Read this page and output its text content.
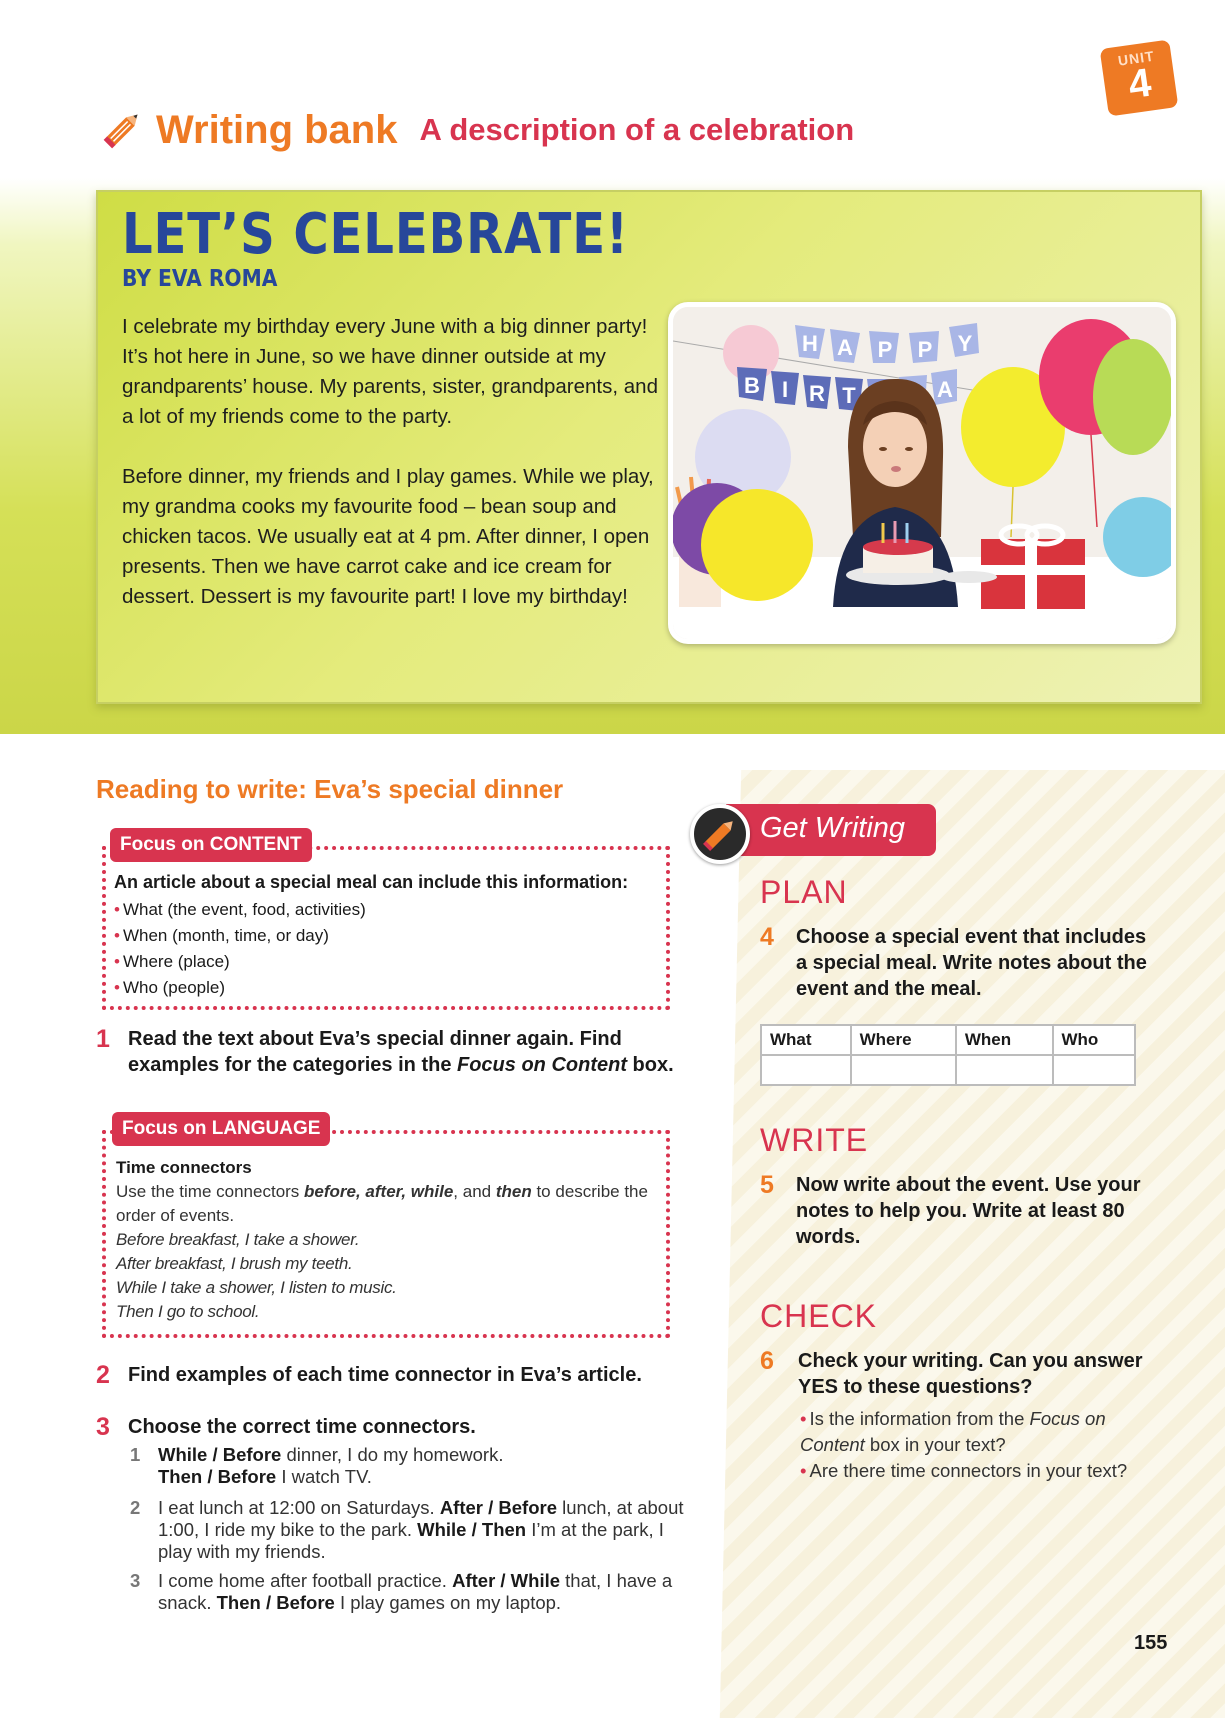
UNIT
4
Writing bank A description of a celebration
LET’S CELEBRATE!
BY EVA ROMA

I celebrate my birthday every June with a big dinner party! It’s hot here in June, so we have dinner outside at my grandparents’ house. My parents, sister, grandparents, and a lot of my friends come to the party.

Before dinner, my friends and I play games. While we play, my grandma cooks my favourite food – bean soup and chicken tacos. We usually eat at 4 pm. After dinner, I open presents. Then we have carrot cake and ice cream for dessert. Dessert is my favourite part! I love my birthday!

H A P P Y
B I R T	A
Reading to write: Eva’s special dinner
Focus on CONTENT
An article about a special meal can include this information:
• What (the event, food, activities)
• When (month, time, or day)
• Where (place)
• Who (people)
1 Read the text about Eva’s special dinner again. Find examples for the categories in the Focus on Content box.
Focus on LANGUAGE
Time connectors
Use the time connectors before, after, while, and then to describe the order of events.
Before breakfast, I take a shower.
After breakfast, I brush my teeth.
While I take a shower, I listen to music.
Then I go to school.
2 Find examples of each time connector in Eva’s article.
3 Choose the correct time connectors.
1 While / Before dinner, I do my homework.
Then / Before I watch TV.
2 I eat lunch at 12:00 on Saturdays. After / Before lunch, at about 1:00, I ride my bike to the park. While / Then I’m at the park, I play with my friends.
3 I come home after football practice. After / While that, I have a snack. Then / Before I play games on my laptop.
Get Writing
PLAN
4 Choose a special event that includes a special meal. Write notes about the event and the meal.
What	Where	When	Who

WRITE
5 Now write about the event. Use your notes to help you. Write at least 80 words.
CHECK
6 Check your writing. Can you answer YES to these questions?
• Is the information from the Focus on Content box in your text?
• Are there time connectors in your text?
155
